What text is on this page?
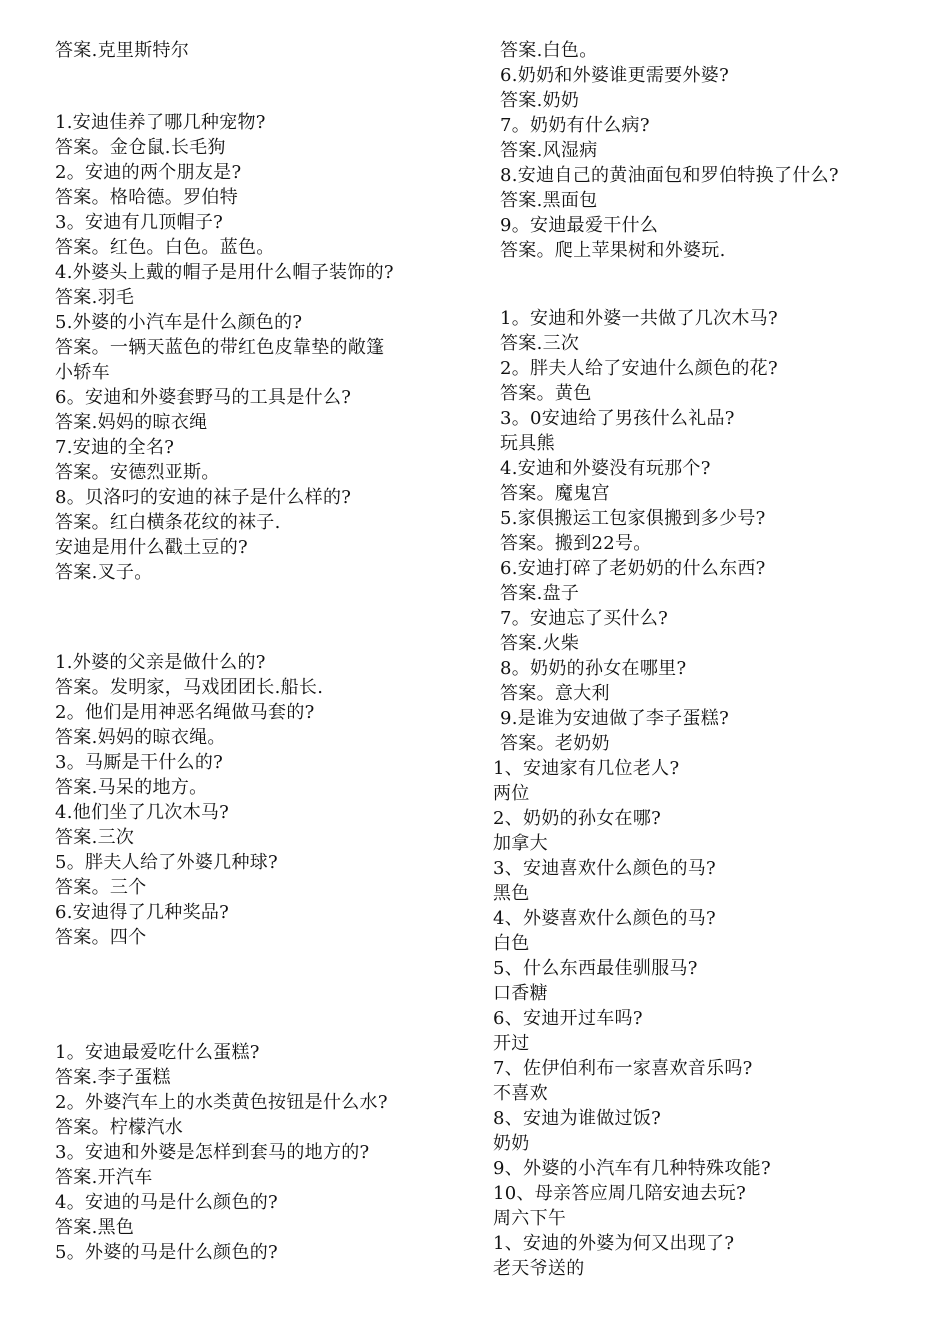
答案.克里斯特尔
1.安迪佳养了哪几种宠物?
答案。金仓鼠.长毛狗
2。安迪的两个朋友是?
答案。格哈德。罗伯特
3。安迪有几顶帽子?
答案。红色。白色。蓝色。
4.外婆头上戴的帽子是用什么帽子装饰的?
答案.羽毛
5.外婆的小汽车是什么颜色的?
答案。一辆天蓝色的带红色皮靠垫的敞篷
小轿车
6。安迪和外婆套野马的工具是什么?
答案.妈妈的晾衣绳
7.安迪的全名?
答案。安德烈亚斯。
8。贝洛叼的安迪的袜子是什么样的?
答案。红白横条花纹的袜子.
安迪是用什么戳土豆的?
答案.叉子。
1.外婆的父亲是做什么的?
答案。发明家，马戏团团长.船长.
2。他们是用神恶名绳做马套的?
答案.妈妈的晾衣绳。
3。马厮是干什么的?
答案.马呆的地方。
4.他们坐了几次木马?
答案.三次
5。胖夫人给了外婆几种球?
答案。三个
6.安迪得了几种奖品?
答案。四个
1。安迪最爱吃什么蛋糕?
答案.李子蛋糕
2。外婆汽车上的水类黄色按钮是什么水?
答案。柠檬汽水
3。安迪和外婆是怎样到套马的地方的?
答案.开汽车
4。安迪的马是什么颜色的?
答案.黑色
5。外婆的马是什么颜色的?
答案.白色。
6.奶奶和外婆谁更需要外婆?
答案.奶奶
7。奶奶有什么病?
答案.风湿病
8.安迪自己的黄油面包和罗伯特换了什么?
答案.黑面包
9。安迪最爱干什么
答案。爬上苹果树和外婆玩.
1。安迪和外婆一共做了几次木马?
答案.三次
2。胖夫人给了安迪什么颜色的花?
答案。黄色
3。0安迪给了男孩什么礼品?
玩具熊
4.安迪和外婆没有玩那个?
答案。魔鬼宫
5.家俱搬运工包家俱搬到多少号?
答案。搬到22号。
6.安迪打碎了老奶奶的什么东西?
答案.盘子
7。安迪忘了买什么?
答案.火柴
8。奶奶的孙女在哪里?
答案。意大利
9.是谁为安迪做了李子蛋糕?
答案。老奶奶
1、安迪家有几位老人?
两位
2、奶奶的孙女在哪?
加拿大
3、安迪喜欢什么颜色的马?
黑色
4、外婆喜欢什么颜色的马?
白色
5、什么东西最佳驯服马?
口香糖
6、安迪开过车吗?
开过
7、佐伊伯利布一家喜欢音乐吗?
不喜欢
8、安迪为谁做过饭?
奶奶
9、外婆的小汽车有几种特殊攻能?
10、母亲答应周几陪安迪去玩?
周六下午
1、安迪的外婆为何又出现了?
老天爷送的
